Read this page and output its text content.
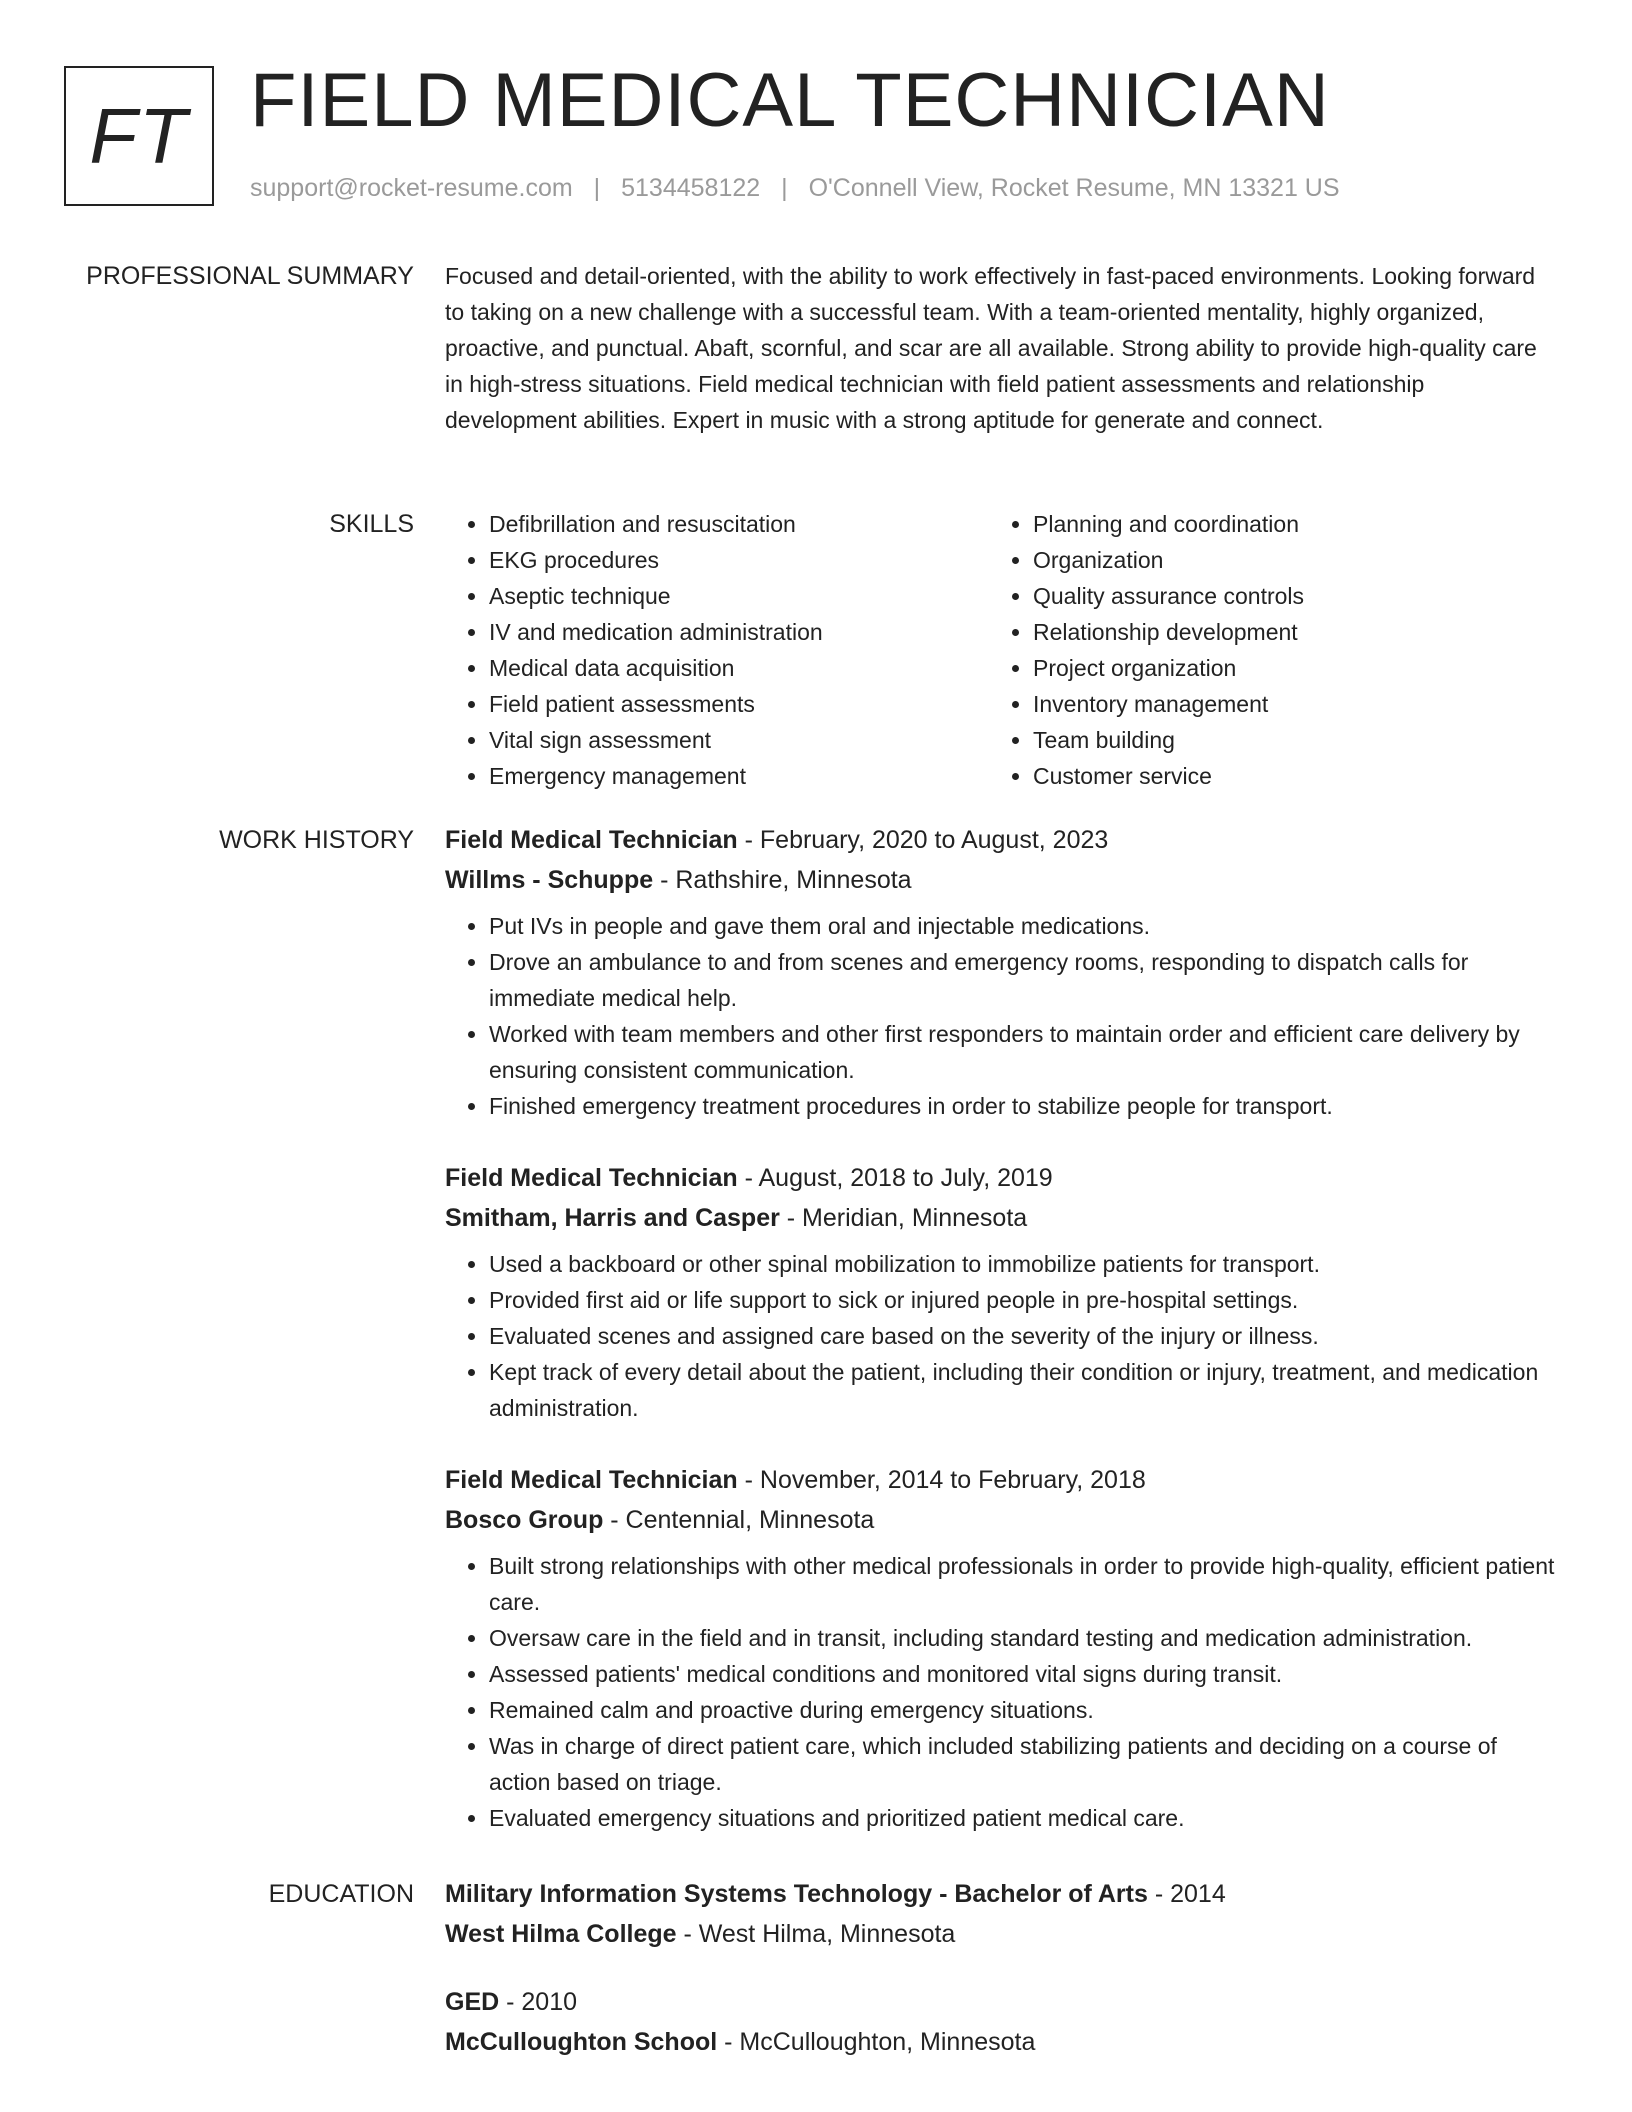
FT FIELD MEDICAL TECHNICIAN
support@rocket-resume.com | 5134458122 | O'Connell View, Rocket Resume, MN 13321 US
PROFESSIONAL SUMMARY Focused and detail-oriented, with the ability to work effectively in fast-paced environments. Looking forward to taking on a new challenge with a successful team. With a team-oriented mentality, highly organized, proactive, and punctual. Abaft, scornful, and scar are all available. Strong ability to provide high-quality care in high-stress situations. Field medical technician with field patient assessments and relationship development abilities. Expert in music with a strong aptitude for generate and connect.

SKILLS
•	Defibrillation and resuscitation
• EKG procedures
• Aseptic technique
• IV and medication administration
• Medical data acquisition
• Field patient assessments
• Vital sign assessment
• Emergency management
• Planning and coordination
• Organization
• Quality assurance controls
• Relationship development
• Project organization
• Inventory management
• Team building
• Customer service
WORK HISTORY Field Medical Technician - February, 2020 to August, 2023
Willms - Schuppe - Rathshire, Minnesota
• Put IVs in people and gave them oral and injectable medications.
• Drove an ambulance to and from scenes and emergency rooms, responding to dispatch calls for immediate medical help.
• Worked with team members and other first responders to maintain order and efficient care delivery by ensuring consistent communication.
• Finished emergency treatment procedures in order to stabilize people for transport.
Field Medical Technician - August, 2018 to July, 2019
Smitham, Harris and Casper - Meridian, Minnesota
• Used a backboard or other spinal mobilization to immobilize patients for transport.
• Provided first aid or life support to sick or injured people in pre-hospital settings.
• Evaluated scenes and assigned care based on the severity of the injury or illness.
• Kept track of every detail about the patient, including their condition or injury, treatment, and medication administration.
Field Medical Technician - November, 2014 to February, 2018
Bosco Group - Centennial, Minnesota
• Built strong relationships with other medical professionals in order to provide high-quality, efficient patient care.
• Oversaw care in the field and in transit, including standard testing and medication administration.
• Assessed patients' medical conditions and monitored vital signs during transit.
• Remained calm and proactive during emergency situations.
• Was in charge of direct patient care, which included stabilizing patients and deciding on a course of action based on triage.
• Evaluated emergency situations and prioritized patient medical care.
EDUCATION Military Information Systems Technology - Bachelor of Arts - 2014
West Hilma College - West Hilma, Minnesota
GED - 2010
McCulloughton School - McCulloughton, Minnesota
